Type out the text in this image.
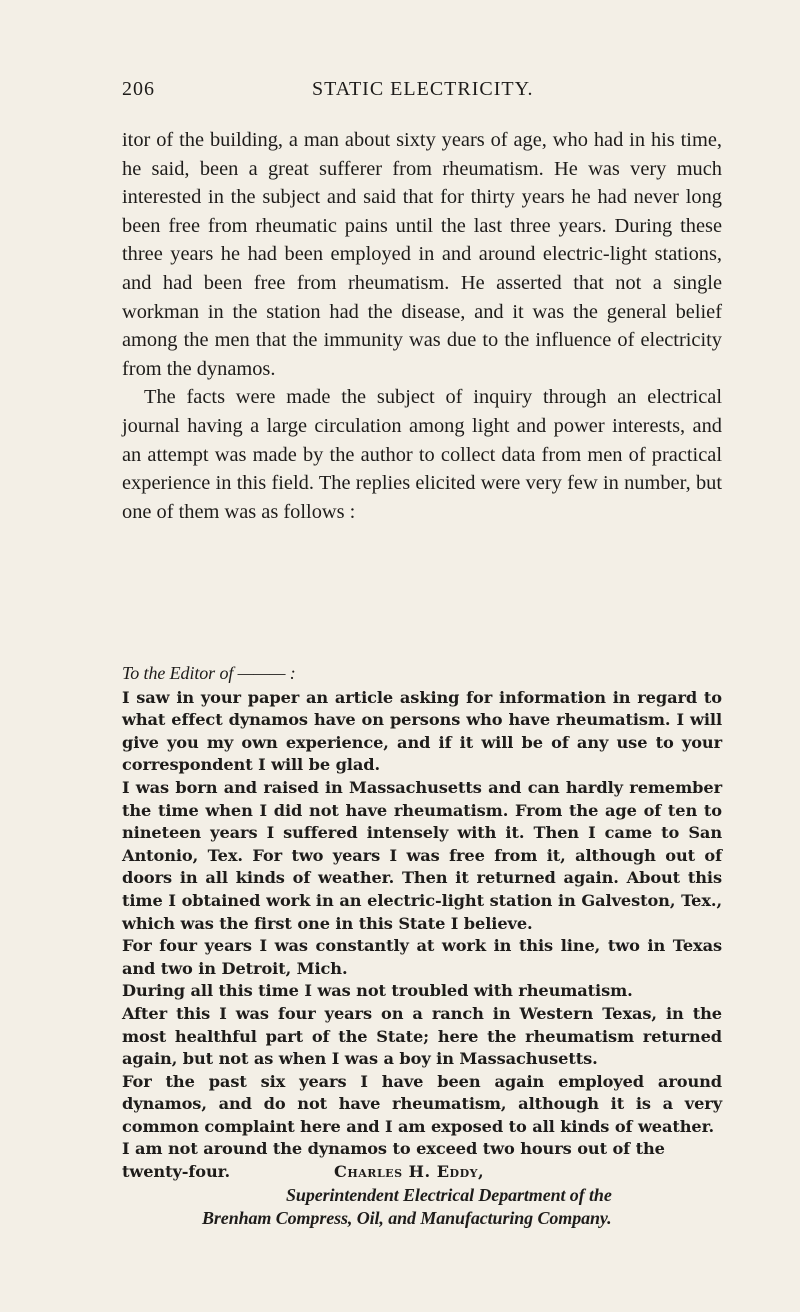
206	STATIC ELECTRICITY.

itor of the building, a man about sixty years of age, who had in his time, he said, been a great sufferer from rheumatism. He was very much interested in the subject and said that for thirty years he had never long been free from rheumatic pains until the last three years. During these three years he had been employed in and around electric-light stations, and had been free from rheumatism. He asserted that not a single workman in the station had the disease, and it was the general belief among the men that the immunity was due to the influence of electricity from the dynamos.

The facts were made the subject of inquiry through an electrical journal having a large circulation among light and power interests, and an attempt was made by the author to collect data from men of practical experience in this field. The replies elicited were very few in number, but one of them was as follows :

To the Editor of ——— :

I saw in your paper an article asking for information in regard to what effect dynamos have on persons who have rheumatism. I will give you my own experience, and if it will be of any use to your correspondent I will be glad.

I was born and raised in Massachusetts and can hardly remember the time when I did not have rheumatism. From the age of ten to nineteen years I suffered intensely with it. Then I came to San Antonio, Tex. For two years I was free from it, although out of doors in all kinds of weather. Then it returned again. About this time I obtained work in an electric-light station in Galveston, Tex., which was the first one in this State I believe.

For four years I was constantly at work in this line, two in Texas and two in Detroit, Mich.

During all this time I was not troubled with rheumatism.

After this I was four years on a ranch in Western Texas, in the most healthful part of the State; here the rheumatism returned again, but not as when I was a boy in Massachusetts.

For the past six years I have been again employed around dynamos, and do not have rheumatism, although it is a very common complaint here and I am exposed to all kinds of weather.

I am not around the dynamos to exceed two hours out of the

twenty-four.	Charles H. Eddy,
Superintendent Electrical Department of the
Brenham Compress, Oil, and Manufacturing Company.
